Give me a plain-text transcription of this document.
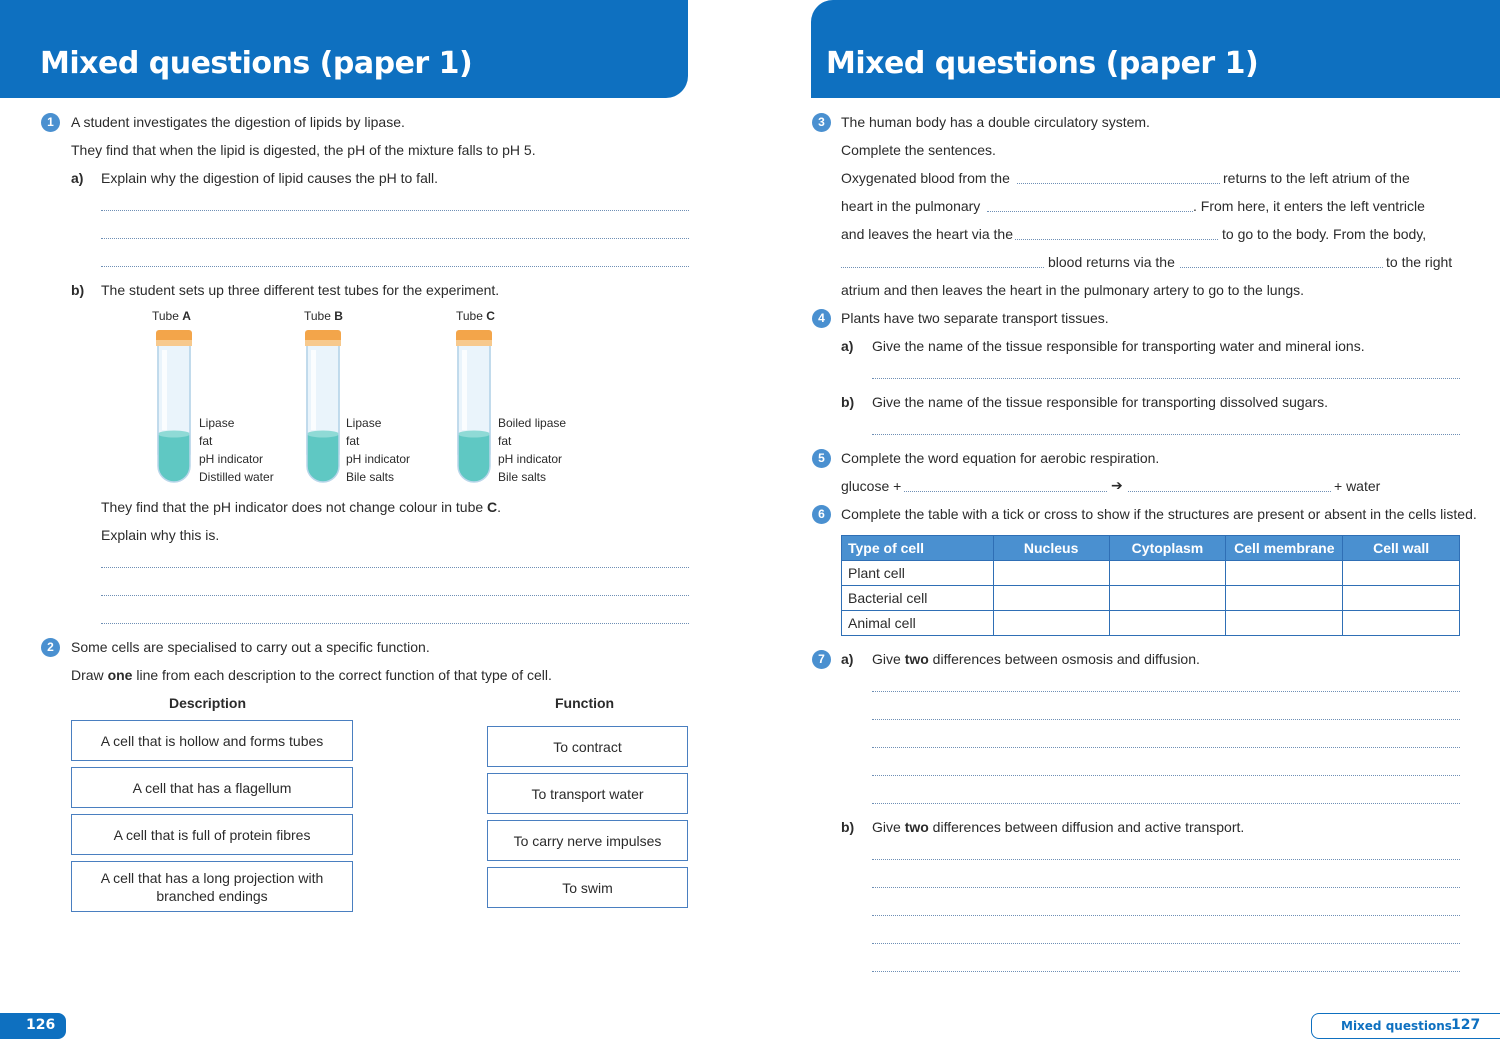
Mixed questions (paper 1)
1	A student investigates the digestion of lipids by lipase.
They find that when the lipid is digested, the pH of the mixture falls to pH 5.
a) Explain why the digestion of lipid causes the pH to fall.
b) The student sets up three different test tubes for the experiment.
Tube A
Lipase
fat
pH indicator
Distilled water
Tube B
Lipase
fat
pH indicator
Bile salts
Tube C
Boiled lipase
fat
pH indicator
Bile salts
They find that the pH indicator does not change colour in tube C.
Explain why this is.
2	Some cells are specialised to carry out a specific function.
Draw one line from each description to the correct function of that type of cell.
Description	Function
A cell that is hollow and forms tubes
A cell that has a flagellum
A cell that is full of protein fibres
A cell that has a long projection with branched endings
To contract
To transport water
To carry nerve impulses
To swim
126
Mixed questions (paper 1)
3	The human body has a double circulatory system.
Complete the sentences.
Oxygenated blood from the	returns to the left atrium of the
heart in the pulmonary	. From here, it enters the left ventricle
and leaves the heart via the	to go to the body. From the body,
blood returns via the	to the right
atrium and then leaves the heart in the pulmonary artery to go to the lungs.
4	Plants have two separate transport tissues.
a) Give the name of the tissue responsible for transporting water and mineral ions.
b) Give the name of the tissue responsible for transporting dissolved sugars.
5	Complete the word equation for aerobic respiration.
glucose +	➔	+ water
6	Complete the table with a tick or cross to show if the structures are present or absent in the cells listed.
Type of cell	Nucleus	Cytoplasm	Cell membrane	Cell wall
Plant cell				
Bacterial cell				
Animal cell				
7	a) Give two differences between osmosis and diffusion.
b) Give two differences between diffusion and active transport.
Mixed questions 127
